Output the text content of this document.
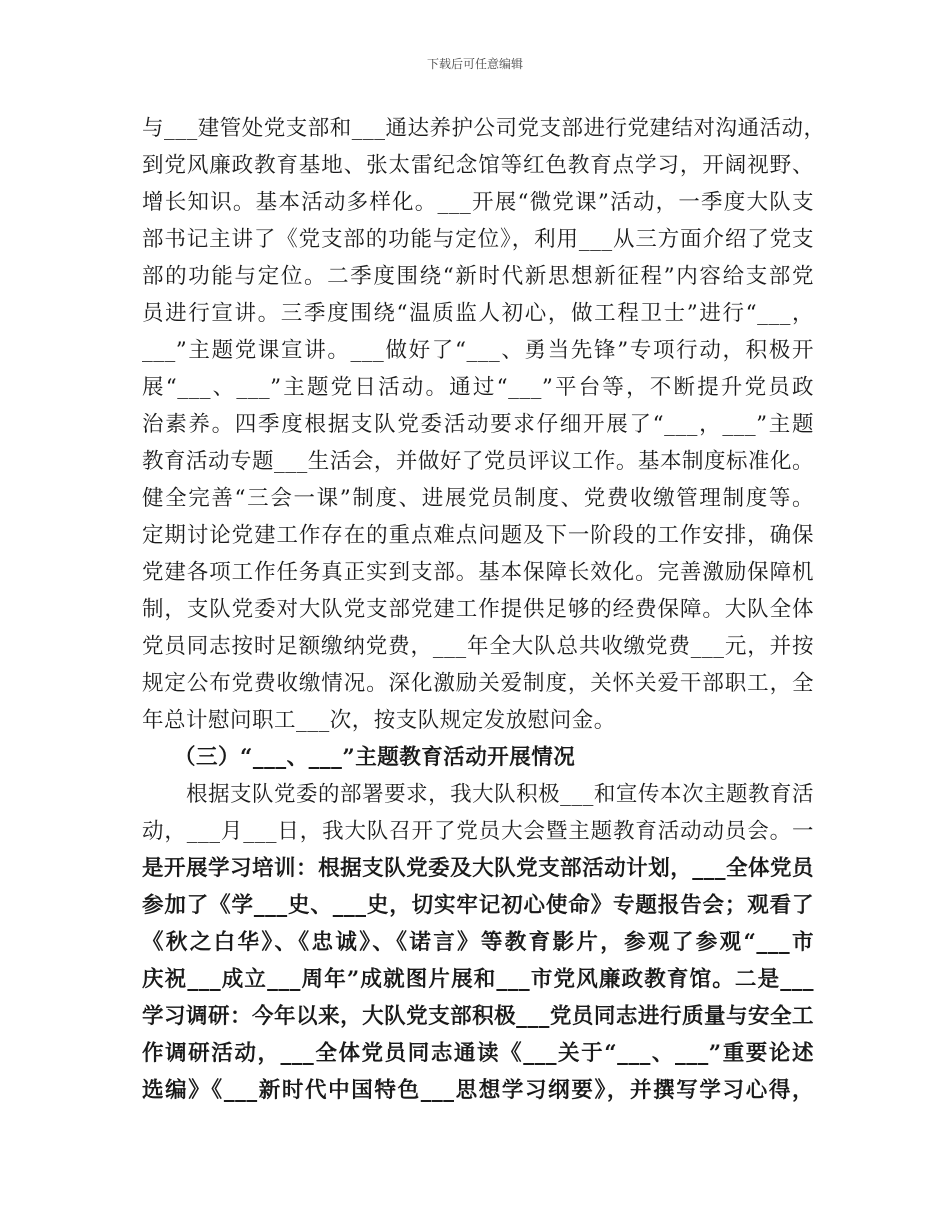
下载后可任意编辑
与___建管处党支部和___通达养护公司党支部进行党建结对沟通活动，
到党风廉政教育基地、张太雷纪念馆等红色教育点学习，开阔视野、
增长知识。基本活动多样化。___开展“微党课”活动，一季度大队支
部书记主讲了《党支部的功能与定位》，利用___从三方面介绍了党支
部的功能与定位。二季度围绕“新时代新思想新征程”内容给支部党
员进行宣讲。三季度围绕“温质监人初心，做工程卫士”进行“___，
___”主题党课宣讲。___做好了“___、勇当先锋”专项行动，积极开
展“___、___”主题党日活动。通过“___”平台等，不断提升党员政
治素养。四季度根据支队党委活动要求仔细开展了“___，___”主题
教育活动专题___生活会，并做好了党员评议工作。基本制度标准化。
健全完善“三会一课”制度、进展党员制度、党费收缴管理制度等。
定期讨论党建工作存在的重点难点问题及下一阶段的工作安排，确保
党建各项工作任务真正实到支部。基本保障长效化。完善激励保障机
制，支队党委对大队党支部党建工作提供足够的经费保障。大队全体
党员同志按时足额缴纳党费，___年全大队总共收缴党费___元，并按
规定公布党费收缴情况。深化激励关爱制度，关怀关爱干部职工，全
年总计慰问职工___次，按支队规定发放慰问金。
（三）“___、___”主题教育活动开展情况
根据支队党委的部署要求，我大队积极___和宣传本次主题教育活
动，___月___日，我大队召开了党员大会暨主题教育活动动员会。一
是开展学习培训：根据支队党委及大队党支部活动计划，___全体党员
参加了《学___史、___史，切实牢记初心使命》专题报告会；观看了
《秋之白华》、《忠诚》、《诺言》等教育影片，参观了参观“___市
庆祝___成立___周年”成就图片展和___市党风廉政教育馆。二是___
学习调研：今年以来，大队党支部积极___党员同志进行质量与安全工
作调研活动，___全体党员同志通读《___关于“___、___”重要论述
选编》《___新时代中国特色___思想学习纲要》，并撰写学习心得，
